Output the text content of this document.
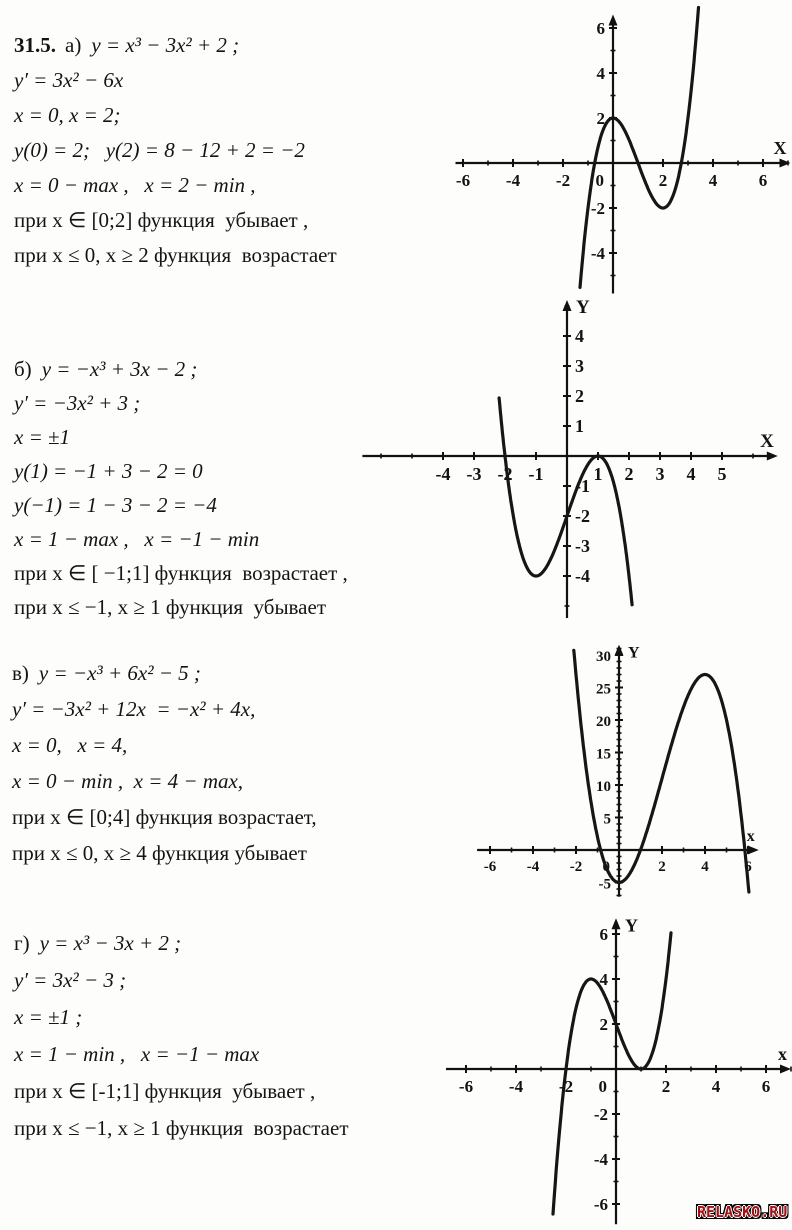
31.5. а) y = x³ − 3x² + 2 ;
y′ = 3x² − 6x
x = 0, x = 2;
y(0) = 2;   y(2) = 8 − 12 + 2 = −2
x = 0 − max ,   x = 2 − min ,
при x ∈ [0;2] функция  убывает ,
при x ≤ 0, x ≥ 2 функция  возрастает
б) y = −x³ + 3x − 2 ;
y′ = −3x² + 3 ;
x = ±1
y(1) = −1 + 3 − 2 = 0
y(−1) = 1 − 3 − 2 = −4
x = 1 − max ,   x = −1 − min
при x ∈ [ −1;1] функция  возрастает ,
при x ≤ −1, x ≥ 1 функция  убывает
в) y = −x³ + 6x² − 5 ;
y′ = −3x² + 12x  = −x² + 4x,
x = 0,   x = 4,
x = 0 − min ,  x = 4 − max,
при x ∈ [0;4] функция возрастает,
при x ≤ 0, x ≥ 4 функция убывает
г) y = x³ − 3x + 2 ;
y′ = 3x² − 3 ;
x = ±1 ;
x = 1 − min ,   x = −1 − max
при x ∈ [-1;1] функция  убывает ,
при x ≤ −1, x ≥ 1 функция  возрастает
-6 -4 -2 0	2 4 6
6
4
2
-2
-4
X
-4 -3 -2 -1	1 2 3 4 5
4
3
2
1
-1
-2
-3
-4
X
Y
-6 -4 -2 0	2 4 6
30
25
20
15
10
5
-5
x
Y
-6 -4 -2 0	2 4 6
6
4
2
-2
-4
-6
x
Y
RELASKO.RU
